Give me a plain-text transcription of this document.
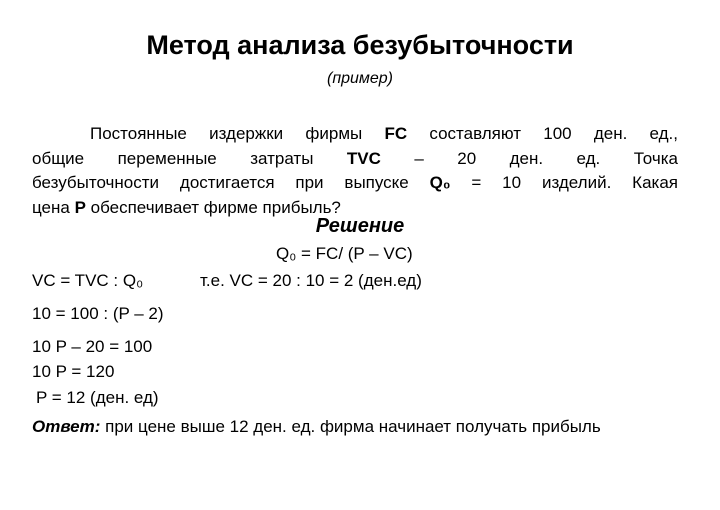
Метод анализа безубыточности
(пример)
Постоянные издержки фирмы FC составляют 100 ден. ед.,
общие переменные затраты TVC – 20 ден. ед. Точка
безубыточности достигается при выпуске Q₀ = 10 изделий. Какая
цена P обеспечивает фирме прибыль?
Решение
Q₀ = FC/ (P – VC)
VC = TVC : Q₀	т.е. VC = 20 : 10 = 2 (ден.ед)
10 = 100 : (P – 2)
10 P – 20 = 100
10 P = 120
P = 12 (ден. ед)
Ответ: при цене выше 12 ден. ед. фирма начинает получать прибыль
